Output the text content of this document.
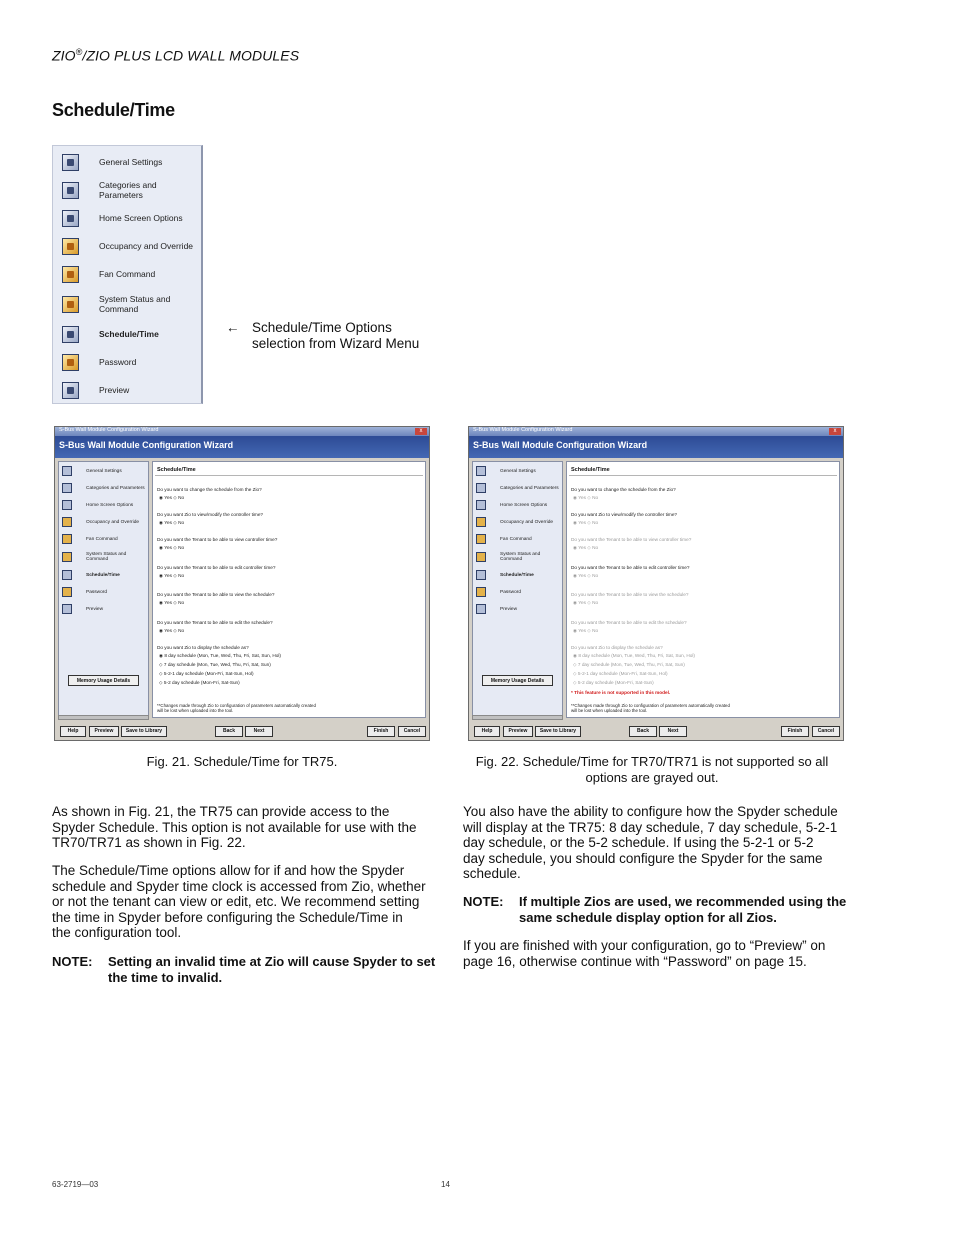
ZIO®/ZIO PLUS LCD WALL MODULES
Schedule/Time
General Settings
Categories and Parameters
Home Screen Options
Occupancy and Override
Fan Command
System Status and Command
Schedule/Time
Password
Preview
← Schedule/Time Options
selection from Wizard Menu
S-Bus Wall Module Configuration Wizard	x
S-Bus Wall Module Configuration Wizard
General Settings
Categories and Parameters
Home Screen Options
Occupancy and Override
Fan Command
System Status and Command
Schedule/Time
Password
Preview
Memory Usage Details
Schedule/Time
Do you want to change the schedule from the Zio?
◉ Yes ◇ No
Do you want Zio to view/modify the controller time?
◉ Yes ◇ No
Do you want the Tenant to be able to view controller time?
◉ Yes ◇ No
Do you want the Tenant to be able to edit controller time?
◉ Yes ◇ No
Do you want the Tenant to be able to view the schedule?
◉ Yes ◇ No
Do you want the Tenant to be able to edit the schedule?
◉ Yes ◇ No
Do you want Zio to display the schedule as?
◉ 8 day schedule (Mon, Tue, Wed, Thu, Fri, Sat, Sun, Hol)
◇ 7 day schedule (Mon, Tue, Wed, Thu, Fri, Sat, Sun)
◇ 5-2-1 day schedule (Mon-Fri, Sat-Sun, Hol)
◇ 5-2 day schedule (Mon-Fri, Sat-Sun)
**Changes made through Zio to configuration of parameters automatically created
will be lost when uploaded into the tool.
Help	Preview	Save to Library	Back	Next	Finish	Cancel
S-Bus Wall Module Configuration Wizard	x
S-Bus Wall Module Configuration Wizard
General Settings
Categories and Parameters
Home Screen Options
Occupancy and Override
Fan Command
System Status and Command
Schedule/Time
Password
Preview
Memory Usage Details
Schedule/Time
Do you want to change the schedule from the Zio?
◉ Yes ◇ No
Do you want Zio to view/modify the controller time?
◉ Yes ◇ No
Do you want the Tenant to be able to view controller time?
◉ Yes ◇ No
Do you want the Tenant to be able to edit controller time?
◉ Yes ◇ No
Do you want the Tenant to be able to view the schedule?
◉ Yes ◇ No
Do you want the Tenant to be able to edit the schedule?
◉ Yes ◇ No
Do you want Zio to display the schedule as?
◉ 8 day schedule (Mon, Tue, Wed, Thu, Fri, Sat, Sun, Hol)
◇ 7 day schedule (Mon, Tue, Wed, Thu, Fri, Sat, Sun)
◇ 5-2-1 day schedule (Mon-Fri, Sat-Sun, Hol)
◇ 5-2 day schedule (Mon-Fri, Sat-Sun)
* This feature is not supported in this model.
**Changes made through Zio to configuration of parameters automatically created
will be lost when uploaded into the tool.
Help	Preview	Save to Library	Back	Next	Finish	Cancel
Fig. 21. Schedule/Time for TR75.	Fig. 22. Schedule/Time for TR70/TR71 is not supported so all
options are grayed out.
As shown in Fig. 21, the TR75 can provide access to the
Spyder Schedule. This option is not available for use with the
TR70/TR71 as shown in Fig. 22.
The Schedule/Time options allow for if and how the Spyder
schedule and Spyder time clock is accessed from Zio, whether
or not the tenant can view or edit, etc. We recommend setting
the time in Spyder before configuring the Schedule/Time in
the configuration tool.
NOTE: Setting an invalid time at Zio will cause Spyder to set
the time to invalid.
You also have the ability to configure how the Spyder schedule
will display at the TR75: 8 day schedule, 7 day schedule, 5-2-1
day schedule, or the 5-2 schedule. If using the 5-2-1 or 5-2
day schedule, you should configure the Spyder for the same
schedule.
NOTE: If multiple Zios are used, we recommended using the
same schedule display option for all Zios.
If you are finished with your configuration, go to “Preview” on
page 16, otherwise continue with “Password” on page 15.
63-2719—03	14
